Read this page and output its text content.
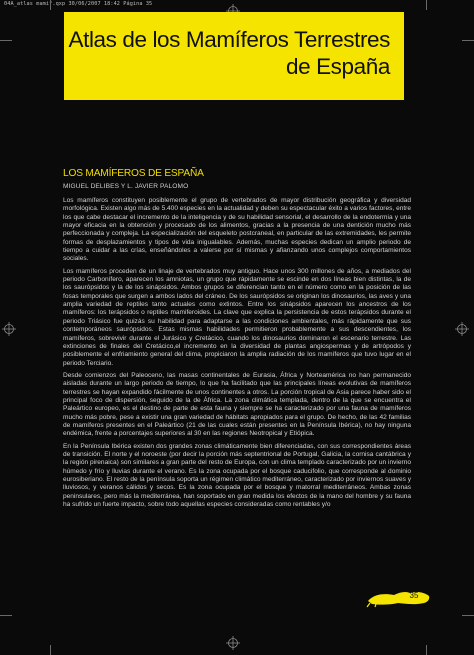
04A_atlas mamif.qxp 30/06/2007 18:42 Página 35
Atlas de los Mamíferos Terrestres
de España
LOS MAMÍFEROS DE ESPAÑA
MIGUEL DELIBES Y L. JAVIER PALOMO

Los mamíferos constituyen posiblemente el grupo de vertebrados de mayor distribución geográfica y diversidad morfológica. Existen algo más de 5.400 especies en la actualidad y deben su espectacular éxito a varios factores, entre los que cabe destacar el incremento de la inteligencia y de su habilidad sensorial, el desarrollo de la endotermia y una mayor eficacia en la obtención y procesado de los alimentos, gracias a la presencia de una dentición mucho más perfeccionada y compleja. La especialización del esqueleto postcraneal, en particular de las extremidades, les permite formas de desplazamientos y tipos de vida inigualables. Además, muchas especies dedican un amplio periodo de tiempo a cuidar a las crías, enseñándoles a valerse por sí mismas y afianzando unos complejos comportamientos sociales.

Los mamíferos proceden de un linaje de vertebrados muy antiguo. Hace unos 300 millones de años, a mediados del periodo Carbonífero, aparecen los amniotas, un grupo que rápidamente se escinde en dos líneas bien distintas, la de los saurópsidos y la de los sinápsidos. Ambos grupos se diferencian tanto en el número como en la posición de las fosas temporales que surgen a ambos lados del cráneo. De los saurópsidos se originan los dinosaurios, las aves y una amplia variedad de reptiles tanto actuales como extintos. Entre los sinápsidos aparecen los ancestros de los mamíferos: los terápsidos o reptiles mamiferoides. La clave que explica la persistencia de estos terápsidos durante el periodo Triásico fue quizás su habilidad para adaptarse a las condiciones ambientales, más rápidamente que sus contemporáneos saurópsidos. Estas mismas habilidades permitieron probablemente a sus descendientes, los mamíferos, sobrevivir durante el Jurásico y Cretácico, cuando los dinosaurios dominaron el escenario terrestre. Las extinciones de finales del Cretácico,el incremento en la diversidad de plantas angiospermas y de artrópodos y posiblemente el enfriamiento general del clima, propiciaron la amplia radiación de los mamíferos que tuvo lugar en el periodo Terciario.

Desde comienzos del Paleoceno, las masas continentales de Eurasia, África y Norteamérica no han permanecido aisladas durante un largo periodo de tiempo, lo que ha facilitado que las principales líneas evolutivas de mamíferos terrestres se hayan expandido fácilmente de unos continentes a otros. La porción tropical de Asia parece haber sido el principal foco de dispersión, seguido de la de África. La zona climática templada, dentro de la que se encuentra el Paleártico europeo, es el destino de parte de esta fauna y siempre se ha caracterizado por una fauna de mamíferos mucho más pobre, pese a existir una gran variedad de hábitats apropiados para el grupo. De hecho, de las 42 familias de mamíferos presentes en el Paleártico (21 de las cuales están presentes en la Península Ibérica), no hay ninguna endémica, frente a porcentajes superiores al 30 en las regiones Neotropical y Etiópica.

En la Península Ibérica existen dos grandes zonas climáticamente bien diferenciadas, con sus correspondientes áreas de transición. El norte y el noroeste (por decir la porción más septentrional de Portugal, Galicia, la cornisa cantábrica y la región pirenaica) son similares a gran parte del resto de Europa, con un clima templado caracterizado por un invierno húmedo y frío y lluvias durante el verano. Es la zona ocupada por el bosque caducifolio, que corresponde al dominio eurosiberiano. El resto de la península soporta un régimen climático mediterráneo, caracterizado por inviernos suaves y lluviosos, y veranos cálidos y secos. Es la zona ocupada por el bosque y matorral mediterráneos. Ambas zonas peninsulares, pero más la mediterránea, han soportado en gran medida los efectos de la mano del hombre y su fauna ha sufrido un fuerte impacto, sobre todo aquellas especies consideradas como rentables y/o

35
